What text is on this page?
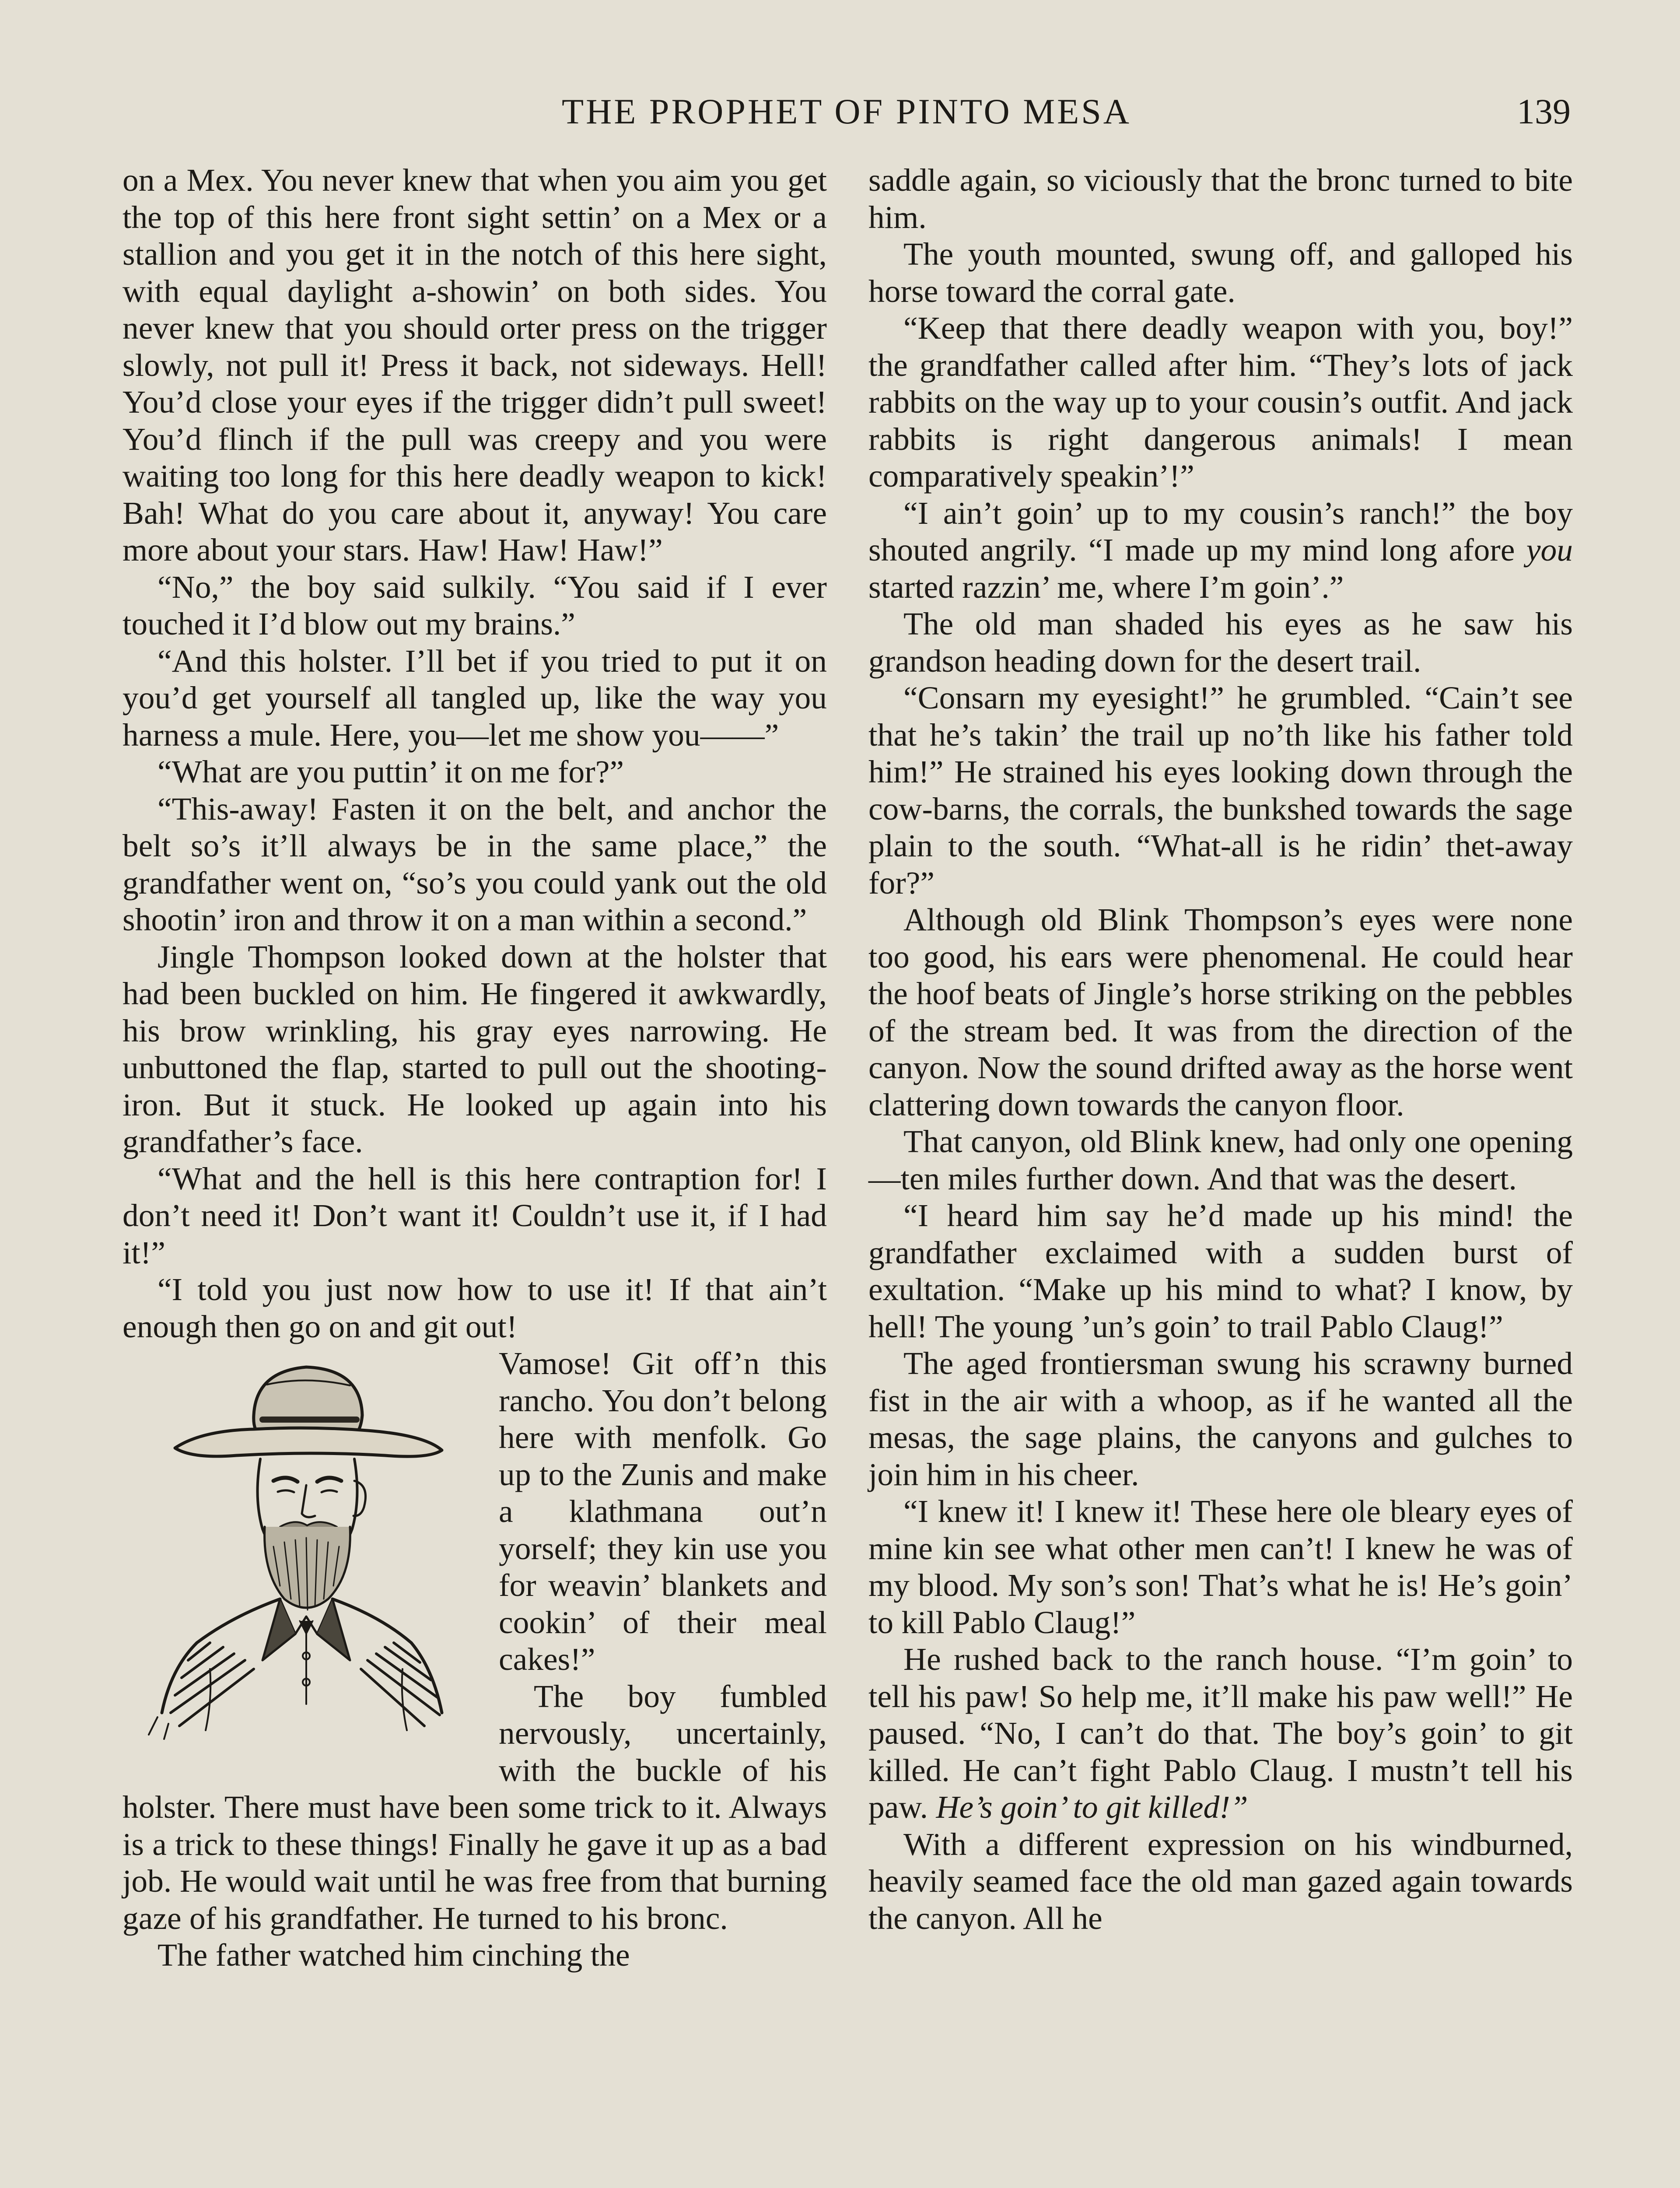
THE PROPHET OF PINTO MESA	139

on a Mex. You never knew that when you aim you get the top of this here front sight settin’ on a Mex or a stallion and you get it in the notch of this here sight, with equal daylight a-showin’ on both sides. You never knew that you should orter press on the trigger slowly, not pull it! Press it back, not sideways. Hell! You’d close your eyes if the trigger didn’t pull sweet! You’d flinch if the pull was creepy and you were waiting too long for this here deadly weapon to kick! Bah! What do you care about it, anyway! You care more about your stars. Haw! Haw! Haw!”

“No,” the boy said sulkily. “You said if I ever touched it I’d blow out my brains.”

“And this holster. I’ll bet if you tried to put it on you’d get yourself all tangled up, like the way you harness a mule. Here, you—let me show you——”

“What are you puttin’ it on me for?”

“This-away! Fasten it on the belt, and anchor the belt so’s it’ll always be in the same place,” the grandfather went on, “so’s you could yank out the old shootin’ iron and throw it on a man within a second.”

Jingle Thompson looked down at the holster that had been buckled on him. He fingered it awkwardly, his brow wrinkling, his gray eyes narrowing. He unbuttoned the flap, started to pull out the shooting-iron. But it stuck. He looked up again into his grandfather’s face.

“What and the hell is this here contraption for! I don’t need it! Don’t want it! Couldn’t use it, if I had it!”

“I told you just now how to use it! If that ain’t enough then go on and git out!

Vamose! Git off’n this rancho. You don’t belong here with menfolk. Go up to the Zunis and make a klathmana out’n yorself; they kin use you for weavin’ blankets and cookin’ of their meal cakes!”

The boy fumbled nervously, uncertainly, with the buckle of his holster. There must have been some trick to it. Always is a trick to these things! Finally he gave it up as a bad job. He would wait until he was free from that burning gaze of his grandfather. He turned to his bronc.

The father watched him cinching the

saddle again, so viciously that the bronc turned to bite him.

The youth mounted, swung off, and galloped his horse toward the corral gate.

“Keep that there deadly weapon with you, boy!” the grandfather called after him. “They’s lots of jack rabbits on the way up to your cousin’s outfit. And jack rabbits is right dangerous animals! I mean comparatively speakin’!”

“I ain’t goin’ up to my cousin’s ranch!” the boy shouted angrily. “I made up my mind long afore you started razzin’ me, where I’m goin’.”

The old man shaded his eyes as he saw his grandson heading down for the desert trail.

“Consarn my eyesight!” he grumbled. “Cain’t see that he’s takin’ the trail up no’th like his father told him!” He strained his eyes looking down through the cow-barns, the corrals, the bunkshed towards the sage plain to the south. “What-all is he ridin’ thet-away for?”

Although old Blink Thompson’s eyes were none too good, his ears were phenomenal. He could hear the hoof beats of Jingle’s horse striking on the pebbles of the stream bed. It was from the direction of the canyon. Now the sound drifted away as the horse went clattering down towards the canyon floor.

That canyon, old Blink knew, had only one opening—ten miles further down. And that was the desert.

“I heard him say he’d made up his mind! the grandfather exclaimed with a sudden burst of exultation. “Make up his mind to what? I know, by hell! The young ’un’s goin’ to trail Pablo Claug!”

The aged frontiersman swung his scrawny burned fist in the air with a whoop, as if he wanted all the mesas, the sage plains, the canyons and gulches to join him in his cheer.

“I knew it! I knew it! These here ole bleary eyes of mine kin see what other men can’t! I knew he was of my blood. My son’s son! That’s what he is! He’s goin’ to kill Pablo Claug!”

He rushed back to the ranch house. “I’m goin’ to tell his paw! So help me, it’ll make his paw well!” He paused. “No, I can’t do that. The boy’s goin’ to git killed. He can’t fight Pablo Claug. I mustn’t tell his paw. He’s goin’ to git killed!”

With a different expression on his windburned, heavily seamed face the old man gazed again towards the canyon. All he
